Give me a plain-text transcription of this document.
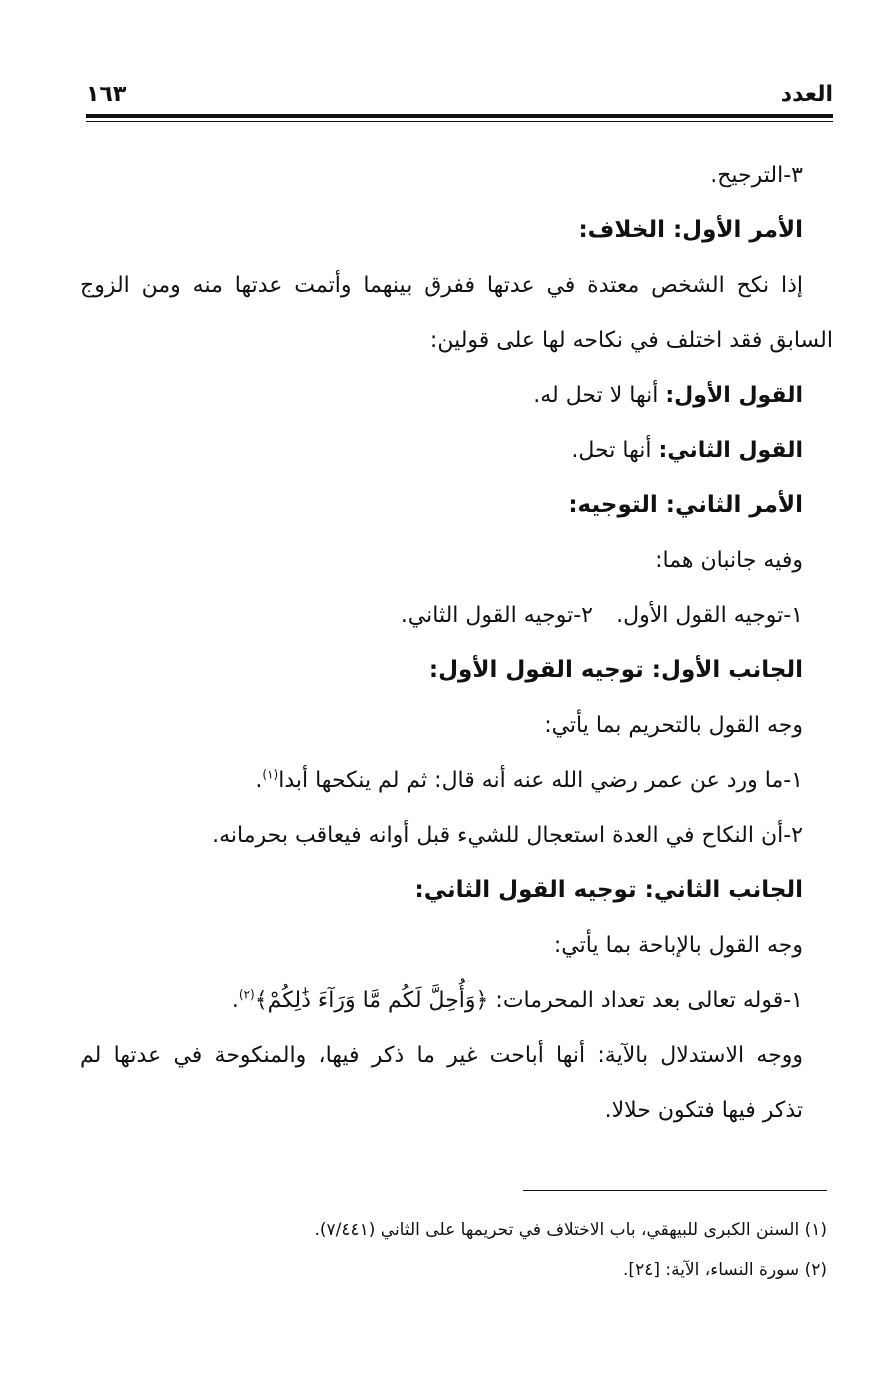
العدد
١٦٣
٣-الترجيح.
الأمر الأول: الخلاف:
إذا نكح الشخص معتدة في عدتها ففرق بينهما وأتمت عدتها منه ومن الزوج
السابق فقد اختلف في نكاحه لها على قولين:
القول الأول: أنها لا تحل له.
القول الثاني: أنها تحل.
الأمر الثاني: التوجيه:
وفيه جانبان هما:
١-توجيه القول الأول.
٢-توجيه القول الثاني.
الجانب الأول: توجيه القول الأول:
وجه القول بالتحريم بما يأتي:
١-ما ورد عن عمر رضي الله عنه أنه قال: ثم لم ينكحها أبدا$^{(١)}$.
٢-أن النكاح في العدة استعجال للشيء قبل أوانه فيعاقب بحرمانه.
الجانب الثاني: توجيه القول الثاني:
وجه القول بالإباحة بما يأتي:
١-قوله تعالى بعد تعداد المحرمات: ﴿وَأُحِلَّ لَكُم مَّا وَرَآءَ ذَٰلِكُمْ﴾$^{(٢)}$.
ووجه الاستدلال بالآية: أنها أباحت غير ما ذكر فيها، والمنكوحة في عدتها لم
تذكر فيها فتكون حلالا.
(١) السنن الكبرى للبيهقي، باب الاختلاف في تحريمها على الثاني (٧/٤٤١).
(٢) سورة النساء، الآية: [٢٤].
